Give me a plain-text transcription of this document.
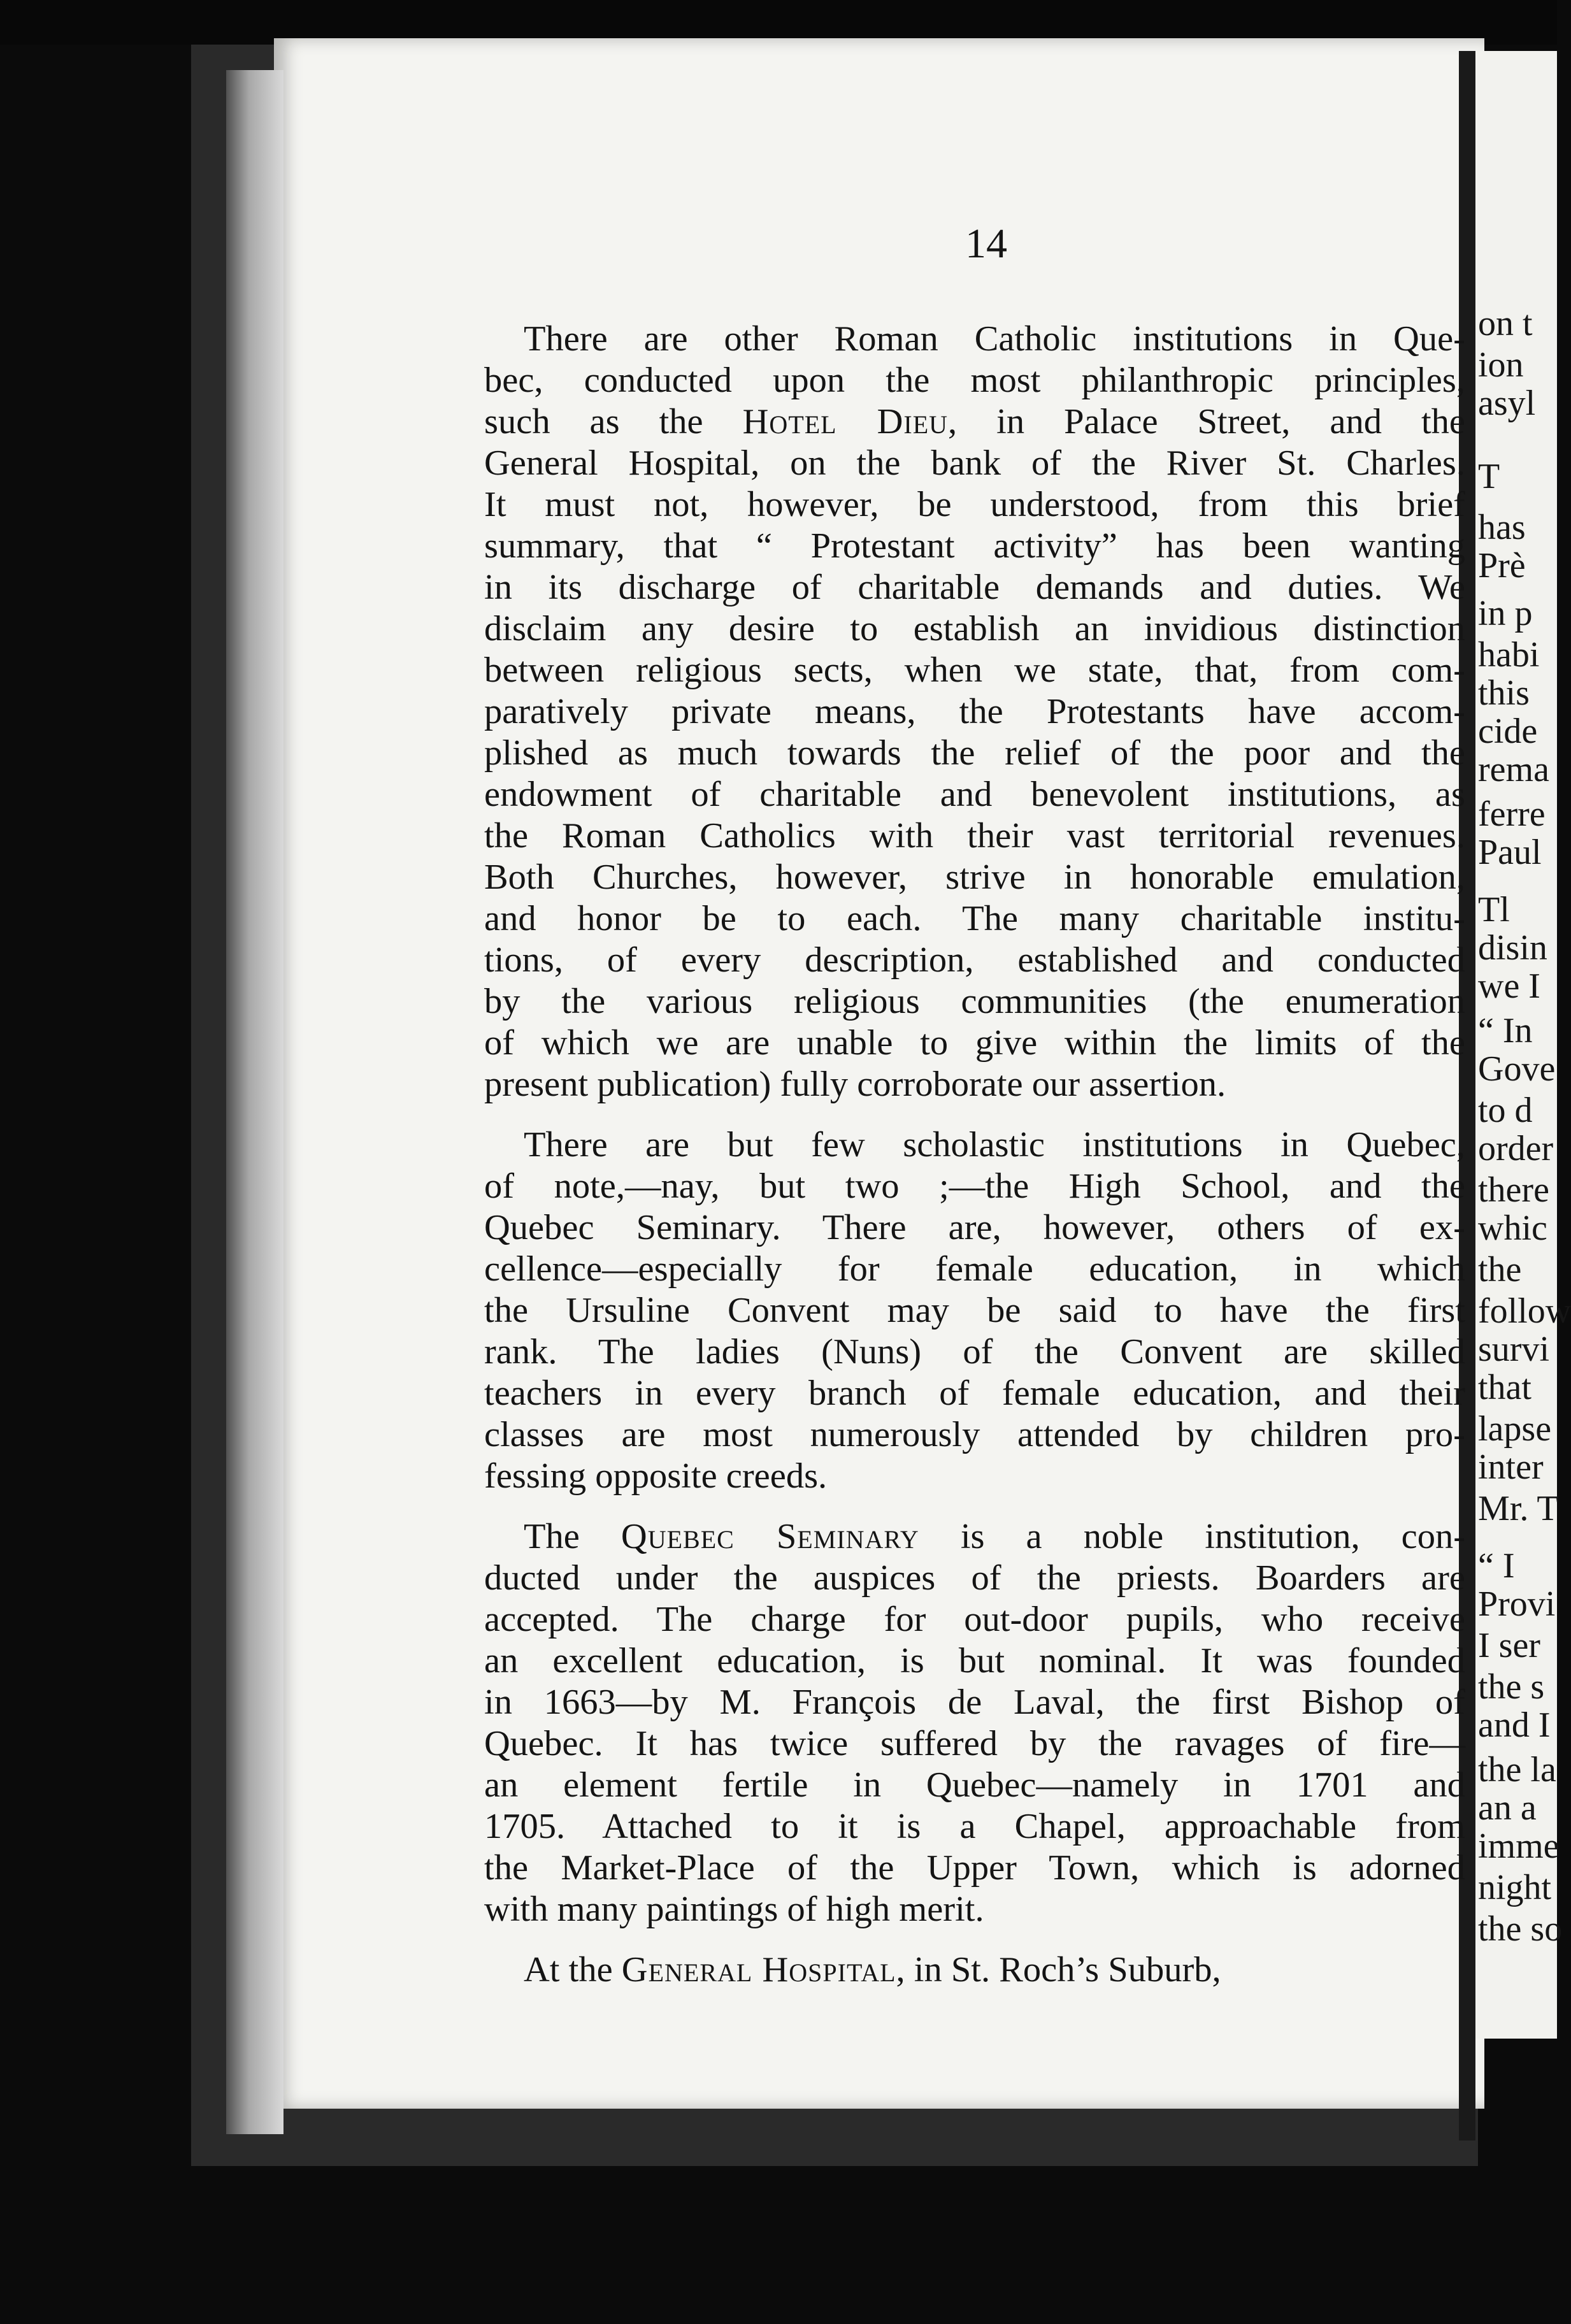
on t
ion
asyl
T
has
Prè
in p
habi
this
cide
rema
ferre
Paul
Tl
disin
we I
“ In
Gove
to d
order
there
whic
the
follow
survi
that
lapse
inter
Mr. T
“ I
Provi
I ser
the s
and I
the la
an a
imme
night
the so
14

There are other Roman Catholic institutions in Que-
bec, conducted upon the most philanthropic principles,
such as the Hotel Dieu, in Palace Street, and the
General Hospital, on the bank of the River St. Charles.
It must not, however, be understood, from this brief
summary, that “ Protestant activity” has been wanting
in its discharge of charitable demands and duties. We
disclaim any desire to establish an invidious distinction
between religious sects, when we state, that, from com-
paratively private means, the Protestants have accom-
plished as much towards the relief of the poor and the
endowment of charitable and benevolent institutions, as
the Roman Catholics with their vast territorial revenues.
Both Churches, however, strive in honorable emulation,
and honor be to each. The many charitable institu-
tions, of every description, established and conducted
by the various religious communities (the enumeration
of which we are unable to give within the limits of the
present publication) fully corroborate our assertion.

There are but few scholastic institutions in Quebec,
of note,—nay, but two ;—the High School, and the
Quebec Seminary. There are, however, others of ex-
cellence—especially for female education, in which
the Ursuline Convent may be said to have the first
rank. The ladies (Nuns) of the Convent are skilled
teachers in every branch of female education, and their
classes are most numerously attended by children pro-
fessing opposite creeds.

The Quebec Seminary is a noble institution, con-
ducted under the auspices of the priests. Boarders are
accepted. The charge for out-door pupils, who receive
an excellent education, is but nominal. It was founded
in 1663—by M. François de Laval, the first Bishop of
Quebec. It has twice suffered by the ravages of fire—
an element fertile in Quebec—namely in 1701 and
1705. Attached to it is a Chapel, approachable from
the Market-Place of the Upper Town, which is adorned
with many paintings of high merit.

At the General Hospital, in St. Roch’s Suburb,
